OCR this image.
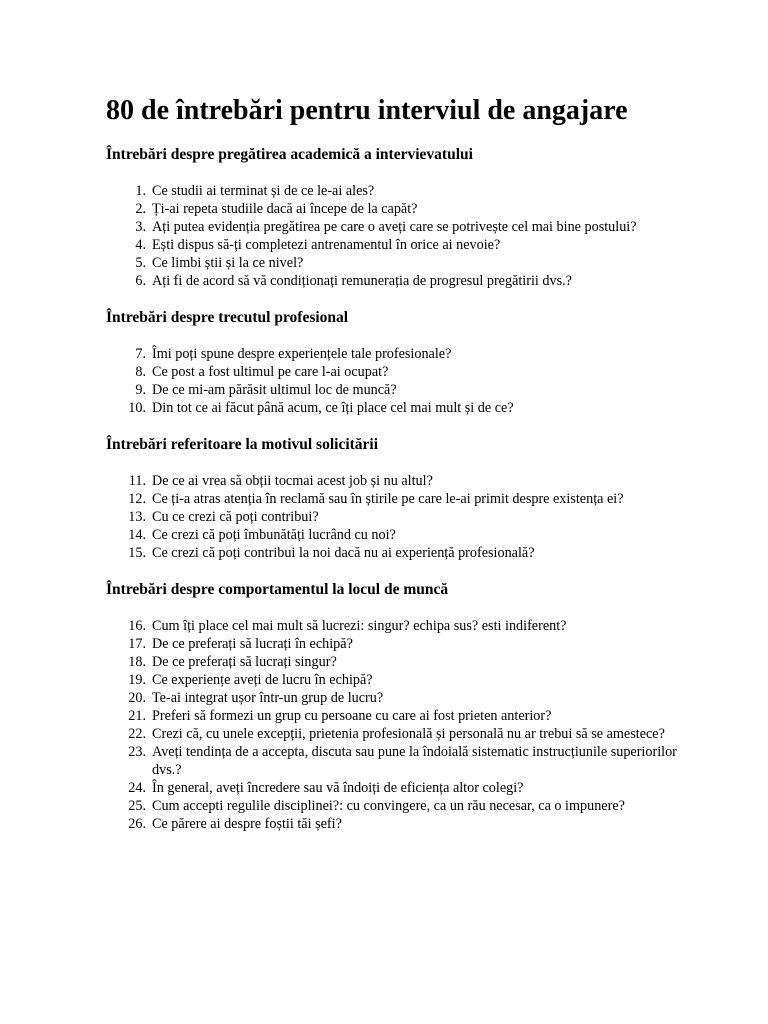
80 de întrebări pentru interviul de angajare
Întrebări despre pregătirea academică a intervievatului
1. Ce studii ai terminat și de ce le-ai ales?
2. Ți-ai repeta studiile dacă ai începe de la capăt?
3. Ați putea evidenția pregătirea pe care o aveți care se potrivește cel mai bine postului?
4. Ești dispus să-ți completezi antrenamentul în orice ai nevoie?
5. Ce limbi știi și la ce nivel?
6. Ați fi de acord să vă condiționați remunerația de progresul pregătirii dvs.?
Întrebări despre trecutul profesional
7. Îmi poți spune despre experiențele tale profesionale?
8. Ce post a fost ultimul pe care l-ai ocupat?
9. De ce mi-am părăsit ultimul loc de muncă?
10. Din tot ce ai făcut până acum, ce îți place cel mai mult și de ce?
Întrebări referitoare la motivul solicitării
11. De ce ai vrea să obții tocmai acest job și nu altul?
12. Ce ți-a atras atenția în reclamă sau în știrile pe care le-ai primit despre existența ei?
13. Cu ce crezi că poți contribui?
14. Ce crezi că poți îmbunătăți lucrând cu noi?
15. Ce crezi că poți contribui la noi dacă nu ai experiență profesională?
Întrebări despre comportamentul la locul de muncă
16. Cum îți place cel mai mult să lucrezi: singur? echipa sus? esti indiferent?
17. De ce preferați să lucrați în echipă?
18. De ce preferați să lucrați singur?
19. Ce experiențe aveți de lucru în echipă?
20. Te-ai integrat ușor într-un grup de lucru?
21. Preferi să formezi un grup cu persoane cu care ai fost prieten anterior?
22. Crezi că, cu unele excepții, prietenia profesională și personală nu ar trebui să se amestece?
23. Aveți tendința de a accepta, discuta sau pune la îndoială sistematic instrucțiunile superiorilor dvs.?
24. În general, aveți încredere sau vă îndoiți de eficiența altor colegi?
25. Cum accepti regulile disciplinei?: cu convingere, ca un rău necesar, ca o impunere?
26. Ce părere ai despre foștii tăi șefi?
